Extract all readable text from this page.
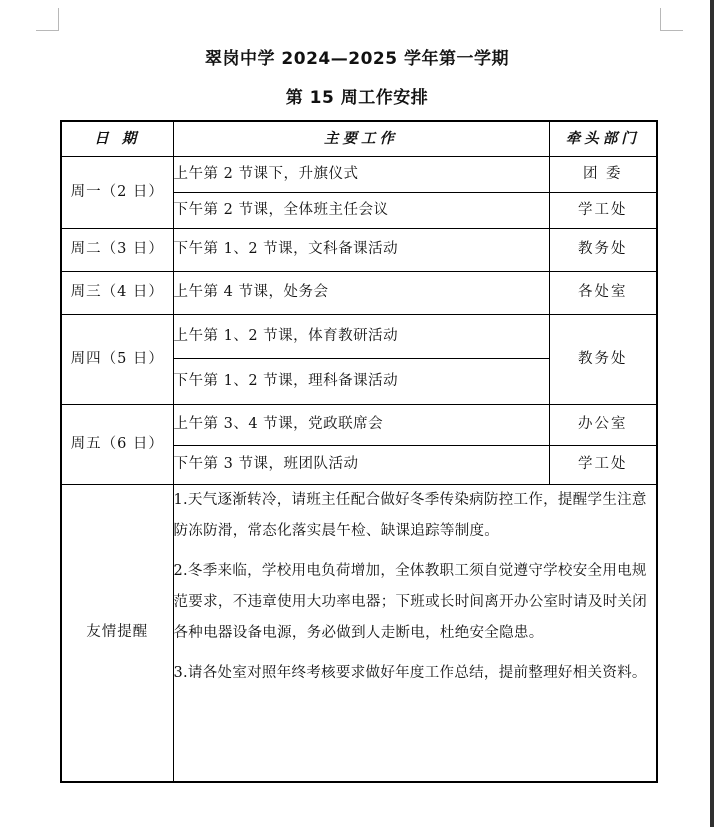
翠岗中学 2024—2025 学年第一学期
第 15 周工作安排
日 期	主要工作	牵头部门
周一（2 日）	上午第 2 节课下，升旗仪式	团 委
	下午第 2 节课，全体班主任会议	学工处
周二（3 日）	下午第 1、2 节课，文科备课活动	教务处
周三（4 日）	上午第 4 节课，处务会	各处室
周四（5 日）	上午第 1、2 节课，体育教研活动	教务处
	下午第 1、2 节课，理科备课活动	
周五（6 日）	上午第 3、4 节课，党政联席会	办公室
	下午第 3 节课，班团队活动	学工处
友情提醒	1.天气逐渐转冷，请班主任配合做好冬季传染病防控工作，提醒学生注意防冻防滑，常态化落实晨午检、缺课追踪等制度。

2.冬季来临，学校用电负荷增加，全体教职工须自觉遵守学校安全用电规范要求，不违章使用大功率电器；下班或长时间离开办公室时请及时关闭各种电器设备电源，务必做到人走断电，杜绝安全隐患。

3.请各处室对照年终考核要求做好年度工作总结，提前整理好相关资料。	
